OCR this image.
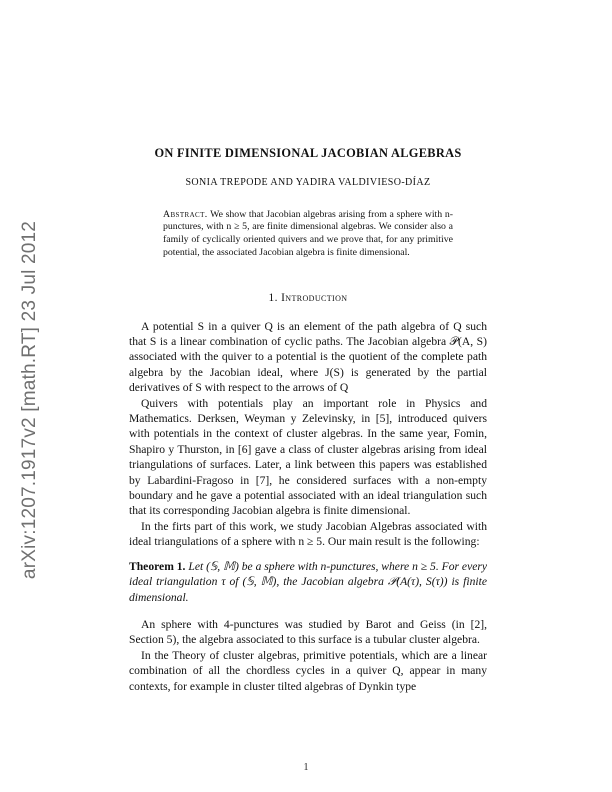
arXiv:1207.1917v2 [math.RT] 23 Jul 2012
ON FINITE DIMENSIONAL JACOBIAN ALGEBRAS
SONIA TREPODE AND YADIRA VALDIVIESO-DÍAZ
Abstract. We show that Jacobian algebras arising from a sphere with n-punctures, with n ≥ 5, are finite dimensional algebras. We consider also a family of cyclically oriented quivers and we prove that, for any primitive potential, the associated Jacobian algebra is finite dimensional.
1. Introduction

A potential S in a quiver Q is an element of the path algebra of Q such that S is a linear combination of cyclic paths. The Jacobian algebra 𝒫(A, S) associated with the quiver to a potential is the quotient of the complete path algebra by the Jacobian ideal, where J(S) is generated by the partial derivatives of S with respect to the arrows of Q

Quivers with potentials play an important role in Physics and Mathematics. Derksen, Weyman y Zelevinsky, in [5], introduced quivers with potentials in the context of cluster algebras. In the same year, Fomin, Shapiro y Thurston, in [6] gave a class of cluster algebras arising from ideal triangulations of surfaces. Later, a link between this papers was established by Labardini-Fragoso in [7], he considered surfaces with a non-empty boundary and he gave a potential associated with an ideal triangulation such that its corresponding Jacobian algebra is finite dimensional.

In the firts part of this work, we study Jacobian Algebras associated with ideal triangulations of a sphere with n ≥ 5. Our main result is the following:

Theorem 1. Let (𝕊, 𝕄) be a sphere with n-punctures, where n ≥ 5. For every ideal triangulation τ of (𝕊, 𝕄), the Jacobian algebra 𝒫(A(τ), S(τ)) is finite dimensional.

An sphere with 4-punctures was studied by Barot and Geiss (in [2], Section 5), the algebra associated to this surface is a tubular cluster algebra.

In the Theory of cluster algebras, primitive potentials, which are a linear combination of all the chordless cycles in a quiver Q, appear in many contexts, for example in cluster tilted algebras of Dynkin type

1
